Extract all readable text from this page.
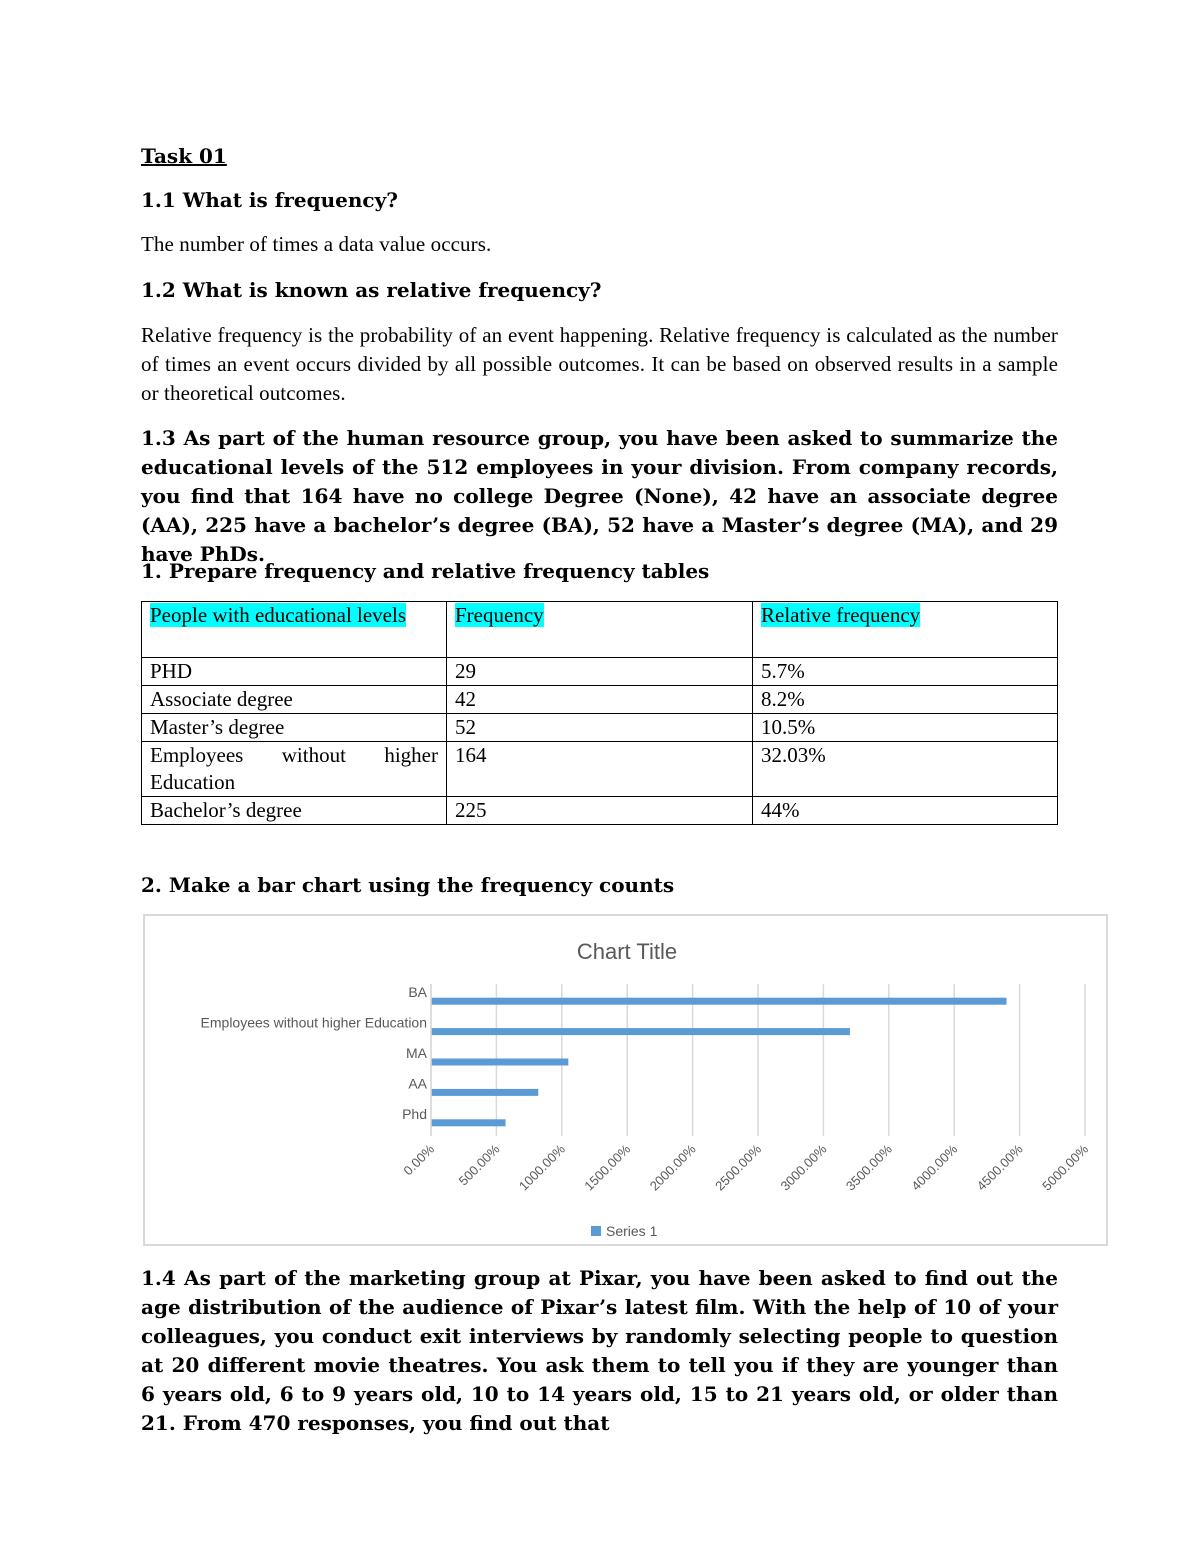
Task 01

1.1 What is frequency?

The number of times a data value occurs.

1.2 What is known as relative frequency?

Relative frequency is the probability of an event happening. Relative frequency is calculated as the number of times an event occurs divided by all possible outcomes. It can be based on observed results in a sample or theoretical outcomes.

1.3 As part of the human resource group, you have been asked to summarize the educational levels of the 512 employees in your division. From company records, you find that 164 have no college Degree (None), 42 have an associate degree (AA), 225 have a bachelor’s degree (BA), 52 have a Master’s degree (MA), and 29 have PhDs.

1. Prepare frequency and relative frequency tables

People with educational levels	Frequency	Relative frequency
PHD	29	5.7%
Associate degree	42	8.2%
Master’s degree	52	10.5%
Employees without higher Education	164	32.03%
Bachelor’s degree	225	44%

2. Make a bar chart using the frequency counts

1.4 As part of the marketing group at Pixar, you have been asked to find out the age distribution of the audience of Pixar’s latest film. With the help of 10 of your colleagues, you conduct exit interviews by randomly selecting people to question at 20 different movie theatres. You ask them to tell you if they are younger than 6 years old, 6 to 9 years old, 10 to 14 years old, 15 to 21 years old, or older than 21. From 470 responses, you find out that

Chart Title
0.00% 500.00% 1000.00% 1500.00% 2000.00% 2500.00% 3000.00% 3500.00% 4000.00% 4500.00% 5000.00%
Phd
AA
MA
Employees without higher Education
BA
Series 1
